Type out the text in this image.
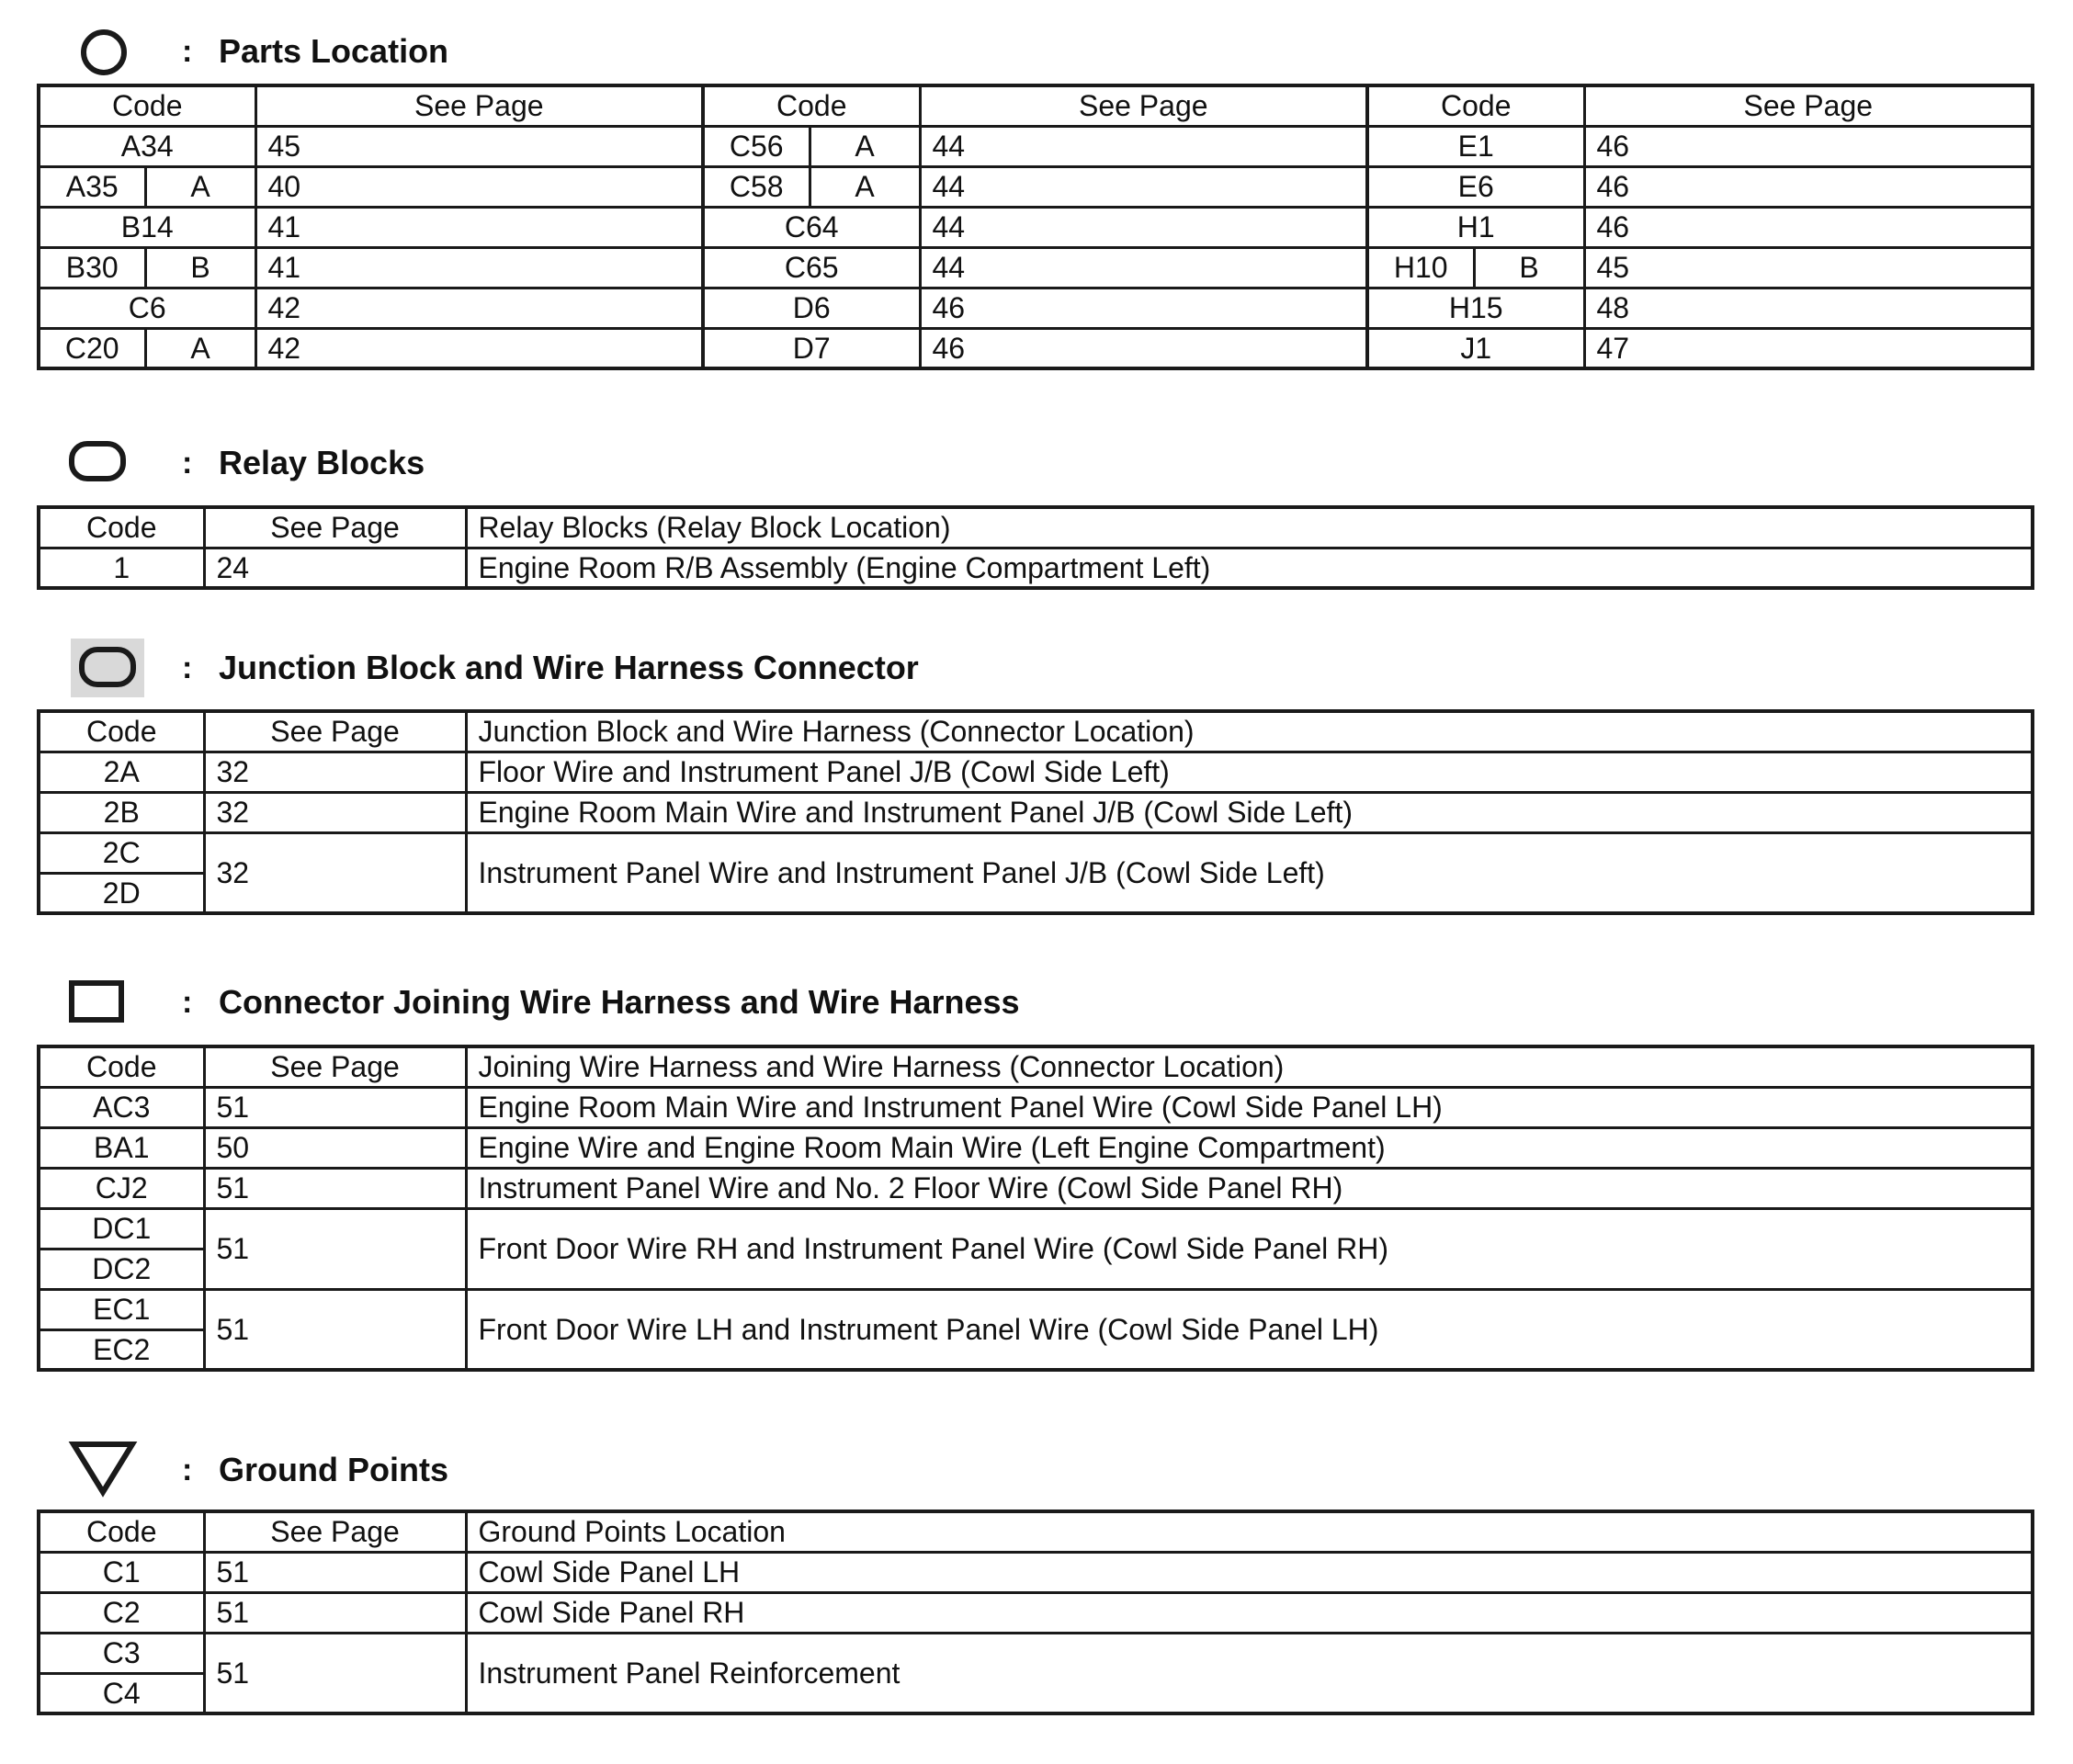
: Parts Location
Code		See Page	Code		See Page	Code		See Page
A34		45	C56	A	44	E1		46
A35	A	40	C58	A	44	E6		46
B14		41	C64		44	H1		46
B30	B	41	C65		44	H10	B	45
C6		42	D6		46	H15		48
C20	A	42	D7		46	J1		47
: Relay Blocks
Code	See Page	Relay Blocks (Relay Block Location)
1	24	Engine Room R/B Assembly (Engine Compartment Left)
: Junction Block and Wire Harness Connector
Code	See Page	Junction Block and Wire Harness (Connector Location)
2A	32	Floor Wire and Instrument Panel J/B (Cowl Side Left)
2B	32	Engine Room Main Wire and Instrument Panel J/B (Cowl Side Left)
2C	32	Instrument Panel Wire and Instrument Panel J/B (Cowl Side Left)
2D		
: Connector Joining Wire Harness and Wire Harness
Code	See Page	Joining Wire Harness and Wire Harness (Connector Location)
AC3	51	Engine Room Main Wire and Instrument Panel Wire (Cowl Side Panel LH)
BA1	50	Engine Wire and Engine Room Main Wire (Left Engine Compartment)
CJ2	51	Instrument Panel Wire and No. 2 Floor Wire (Cowl Side Panel RH)
DC1	51	Front Door Wire RH and Instrument Panel Wire (Cowl Side Panel RH)
DC2		
EC1	51	Front Door Wire LH and Instrument Panel Wire (Cowl Side Panel LH)
EC2		
: Ground Points
Code	See Page	Ground Points Location
C1	51	Cowl Side Panel LH
C2	51	Cowl Side Panel RH
C3	51	Instrument Panel Reinforcement
C4		
